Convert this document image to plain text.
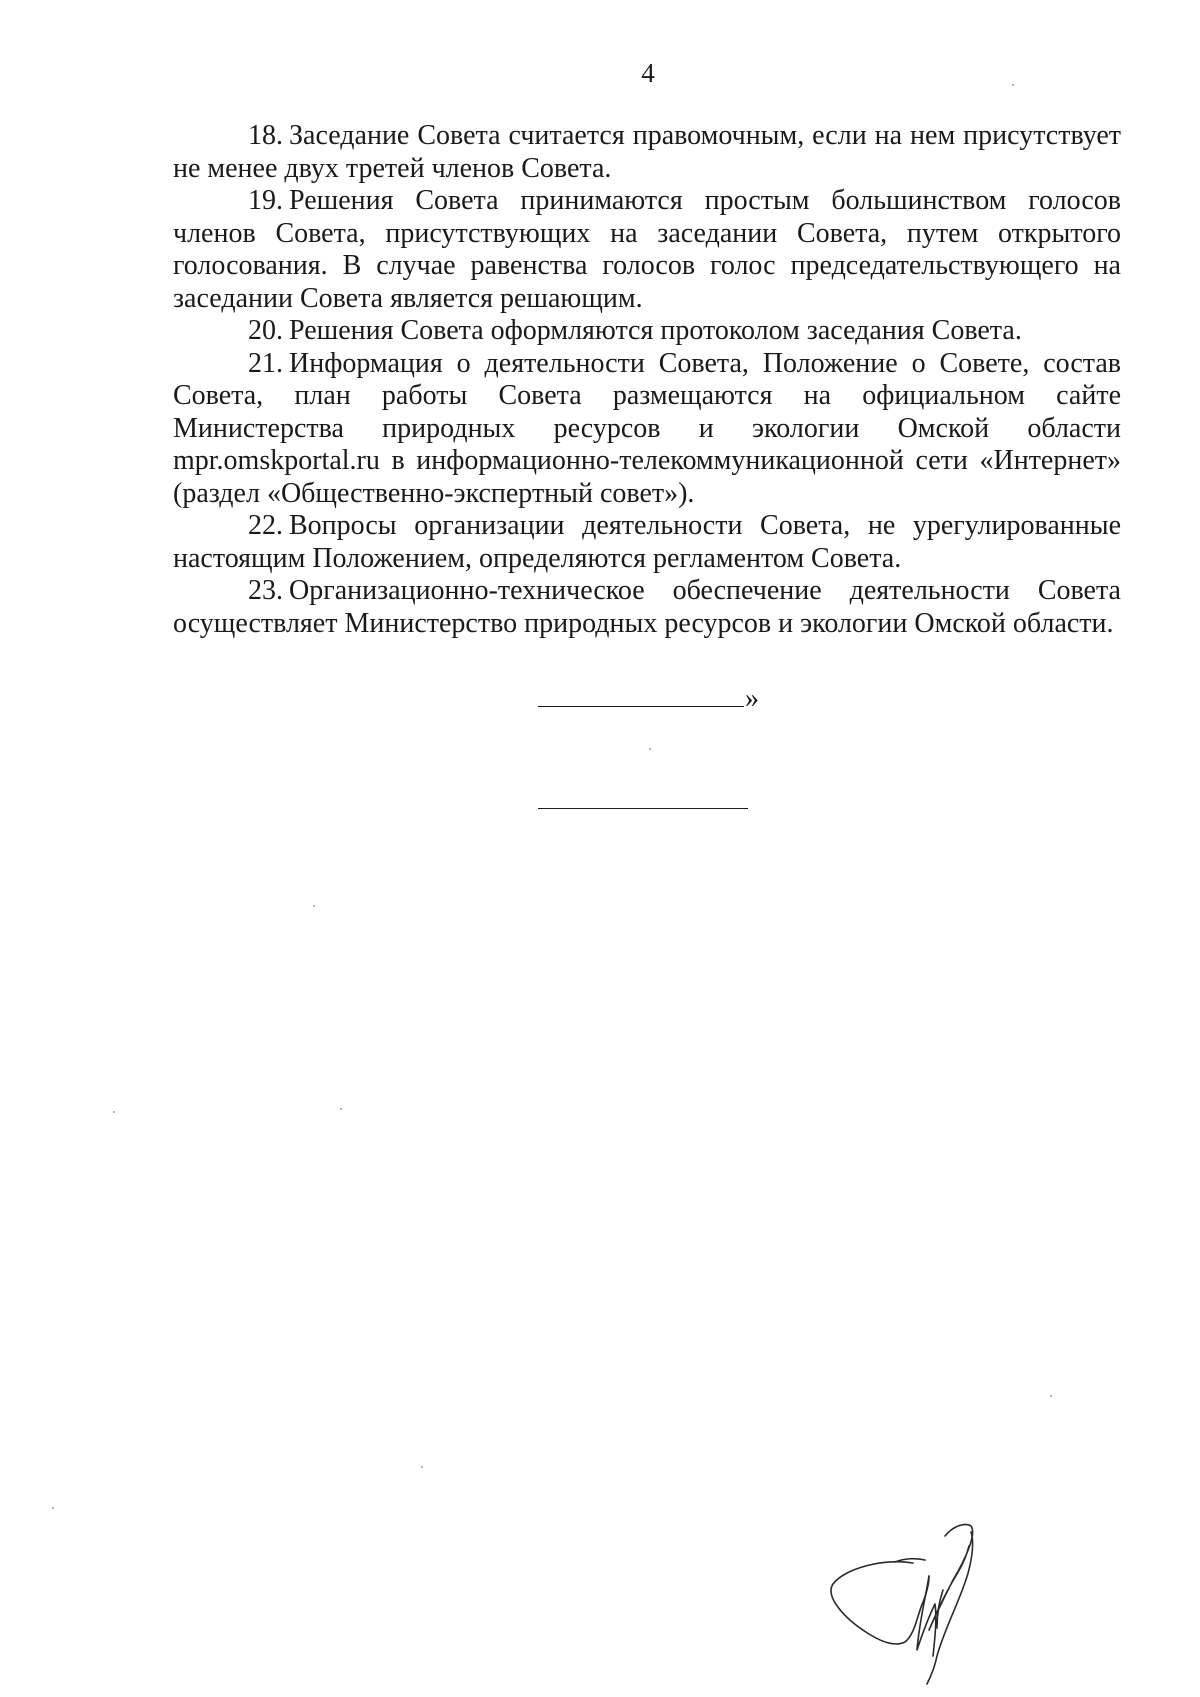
4

18. Заседание Совета считается правомочным, если на нем присутствует не менее двух третей членов Совета.

19. Решения Совета принимаются простым большинством голосов членов Совета, присутствующих на заседании Совета, путем открытого голосования. В случае равенства голосов голос председательствующего на заседании Совета является решающим.

20. Решения Совета оформляются протоколом заседания Совета.

21. Информация о деятельности Совета, Положение о Совете, состав Совета, план работы Совета размещаются на официальном сайте Министерства природных ресурсов и экологии Омской области mpr.omskportal.ru в информационно-телекоммуникационной сети «Интернет» (раздел «Общественно-экспертный совет»).

22. Вопросы организации деятельности Совета, не урегулированные настоящим Положением, определяются регламентом Совета.

23. Организационно-техническое обеспечение деятельности Совета осуществляет Министерство природных ресурсов и экологии Омской области.

»
